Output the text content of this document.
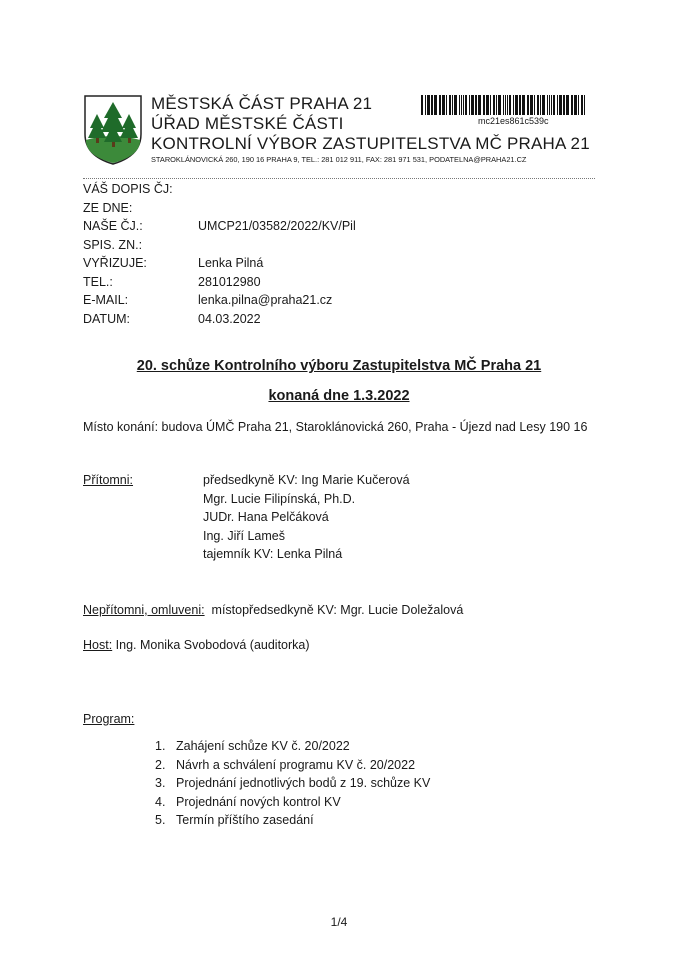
MĚSTSKÁ ČÁST PRAHA 21
ÚŘAD MĚSTSKÉ ČÁSTI
KONTROLNÍ VÝBOR ZASTUPITELSTVA MČ PRAHA 21
STAROKLÁNOVICKÁ 260, 190 16 PRAHA 9, TEL.: 281 012 911, FAX: 281 971 531, PODATELNA@PRAHA21.CZ
mc21es861c539c
VÁŠ DOPIS ČJ:
ZE DNE:
NAŠE ČJ.:	UMCP21/03582/2022/KV/Pil
SPIS. ZN.:
VYŘIZUJE:	Lenka Pilná
TEL.:	281012980
E-MAIL:	lenka.pilna@praha21.cz
DATUM:	04.03.2022
20. schůze Kontrolního výboru Zastupitelstva MČ Praha 21
konaná dne 1.3.2022
Místo konání: budova ÚMČ Praha 21, Staroklánovická 260, Praha - Újezd nad Lesy 190 16
Přítomni:	předsedkyně KV: Ing Marie Kučerová
Mgr. Lucie Filipínská, Ph.D.
JUDr. Hana Pelčáková
Ing. Jiří Lameš
tajemník KV: Lenka Pilná
Nepřítomni, omluveni: místopředsedkyně KV: Mgr. Lucie Doležalová
Host: Ing. Monika Svobodová (auditorka)
Program:
1. Zahájení schůze KV č. 20/2022
2. Návrh a schválení programu KV č. 20/2022
3. Projednání jednotlivých bodů z 19. schůze KV
4. Projednání nových kontrol KV
5. Termín příštího zasedání
1/4
